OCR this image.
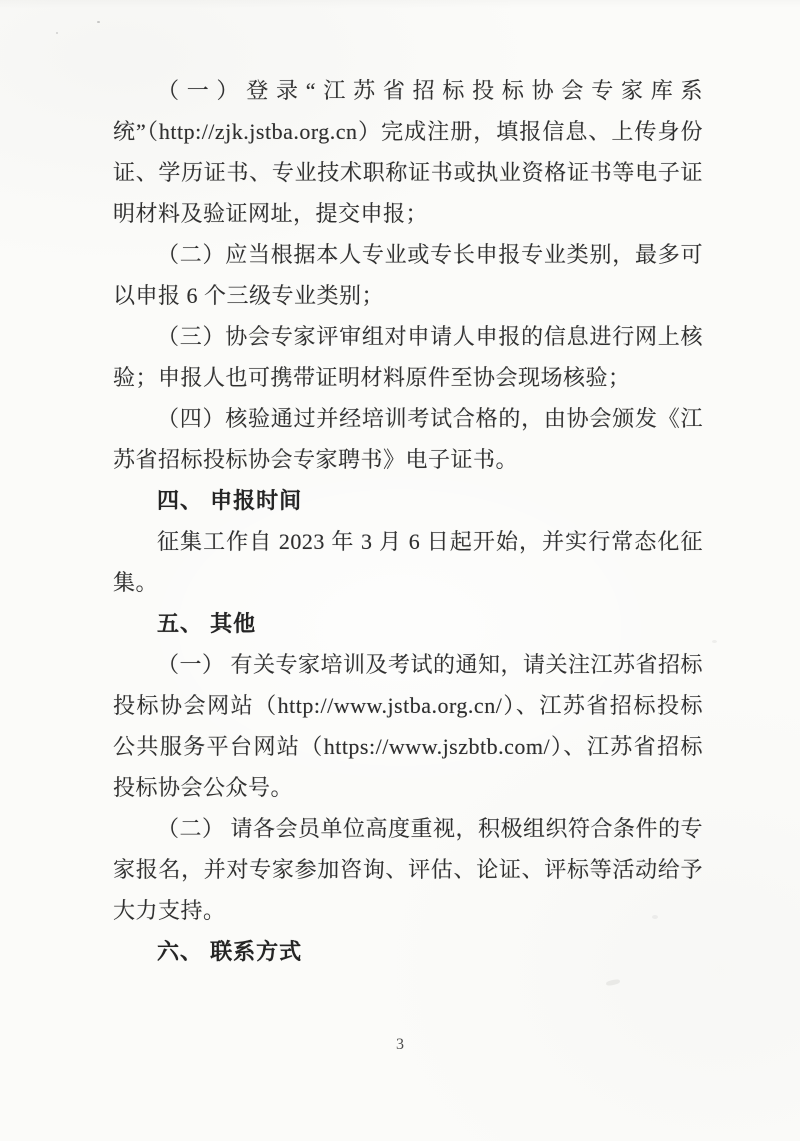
（一）登录“江苏省招标投标协会专家库系统”（http://zjk.jstba.org.cn）完成注册，填报信息、上传身份证、学历证书、专业技术职称证书或执业资格证书等电子证明材料及验证网址，提交申报；

（二）应当根据本人专业或专长申报专业类别，最多可以申报 6 个三级专业类别；

（三）协会专家评审组对申请人申报的信息进行网上核验；申报人也可携带证明材料原件至协会现场核验；

（四）核验通过并经培训考试合格的，由协会颁发《江苏省招标投标协会专家聘书》电子证书。

四、 申报时间

征集工作自 2023 年 3 月 6 日起开始，并实行常态化征集。

五、 其他

（一） 有关专家培训及考试的通知，请关注江苏省招标投标协会网站（http://www.jstba.org.cn/）、江苏省招标投标公共服务平台网站（https://www.jszbtb.com/）、江苏省招标投标协会公众号。

（二） 请各会员单位高度重视，积极组织符合条件的专家报名，并对专家参加咨询、评估、论证、评标等活动给予大力支持。

六、 联系方式

3
